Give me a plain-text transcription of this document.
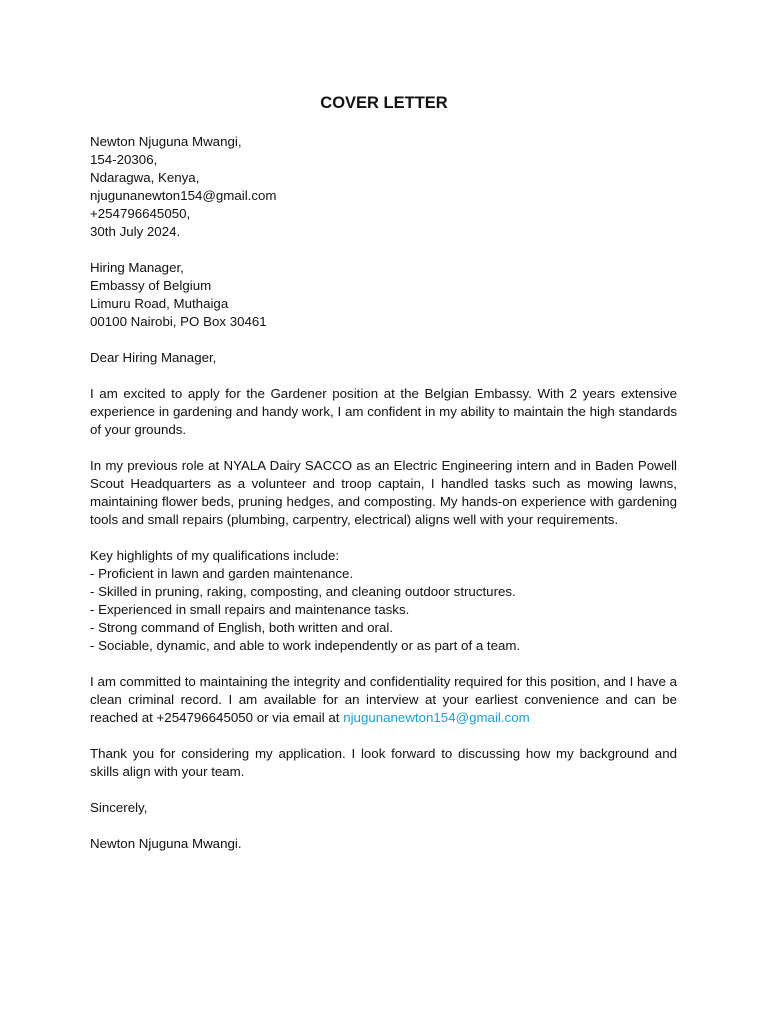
COVER LETTER
Newton Njuguna Mwangi,
154-20306,
Ndaragwa, Kenya,
njugunanewton154@gmail.com
+254796645050,
30th July 2024.
Hiring Manager,
Embassy of Belgium
Limuru Road, Muthaiga
00100 Nairobi, PO Box 30461
Dear Hiring Manager,

I am excited to apply for the Gardener position at the Belgian Embassy. With 2 years extensive experience in gardening and handy work, I am confident in my ability to maintain the high standards of your grounds.

In my previous role at NYALA Dairy SACCO as an Electric Engineering intern and in Baden Powell Scout Headquarters as a volunteer and troop captain, I handled tasks such as mowing lawns, maintaining flower beds, pruning hedges, and composting. My hands-on experience with gardening tools and small repairs (plumbing, carpentry, electrical) aligns well with your requirements.

Key highlights of my qualifications include:
- Proficient in lawn and garden maintenance.
- Skilled in pruning, raking, composting, and cleaning outdoor structures.
- Experienced in small repairs and maintenance tasks.
- Strong command of English, both written and oral.
- Sociable, dynamic, and able to work independently or as part of a team.

I am committed to maintaining the integrity and confidentiality required for this position, and I have a clean criminal record. I am available for an interview at your earliest convenience and can be reached at +254796645050 or via email at njugunanewton154@gmail.com

Thank you for considering my application. I look forward to discussing how my background and skills align with your team.

Sincerely,
Newton Njuguna Mwangi.
